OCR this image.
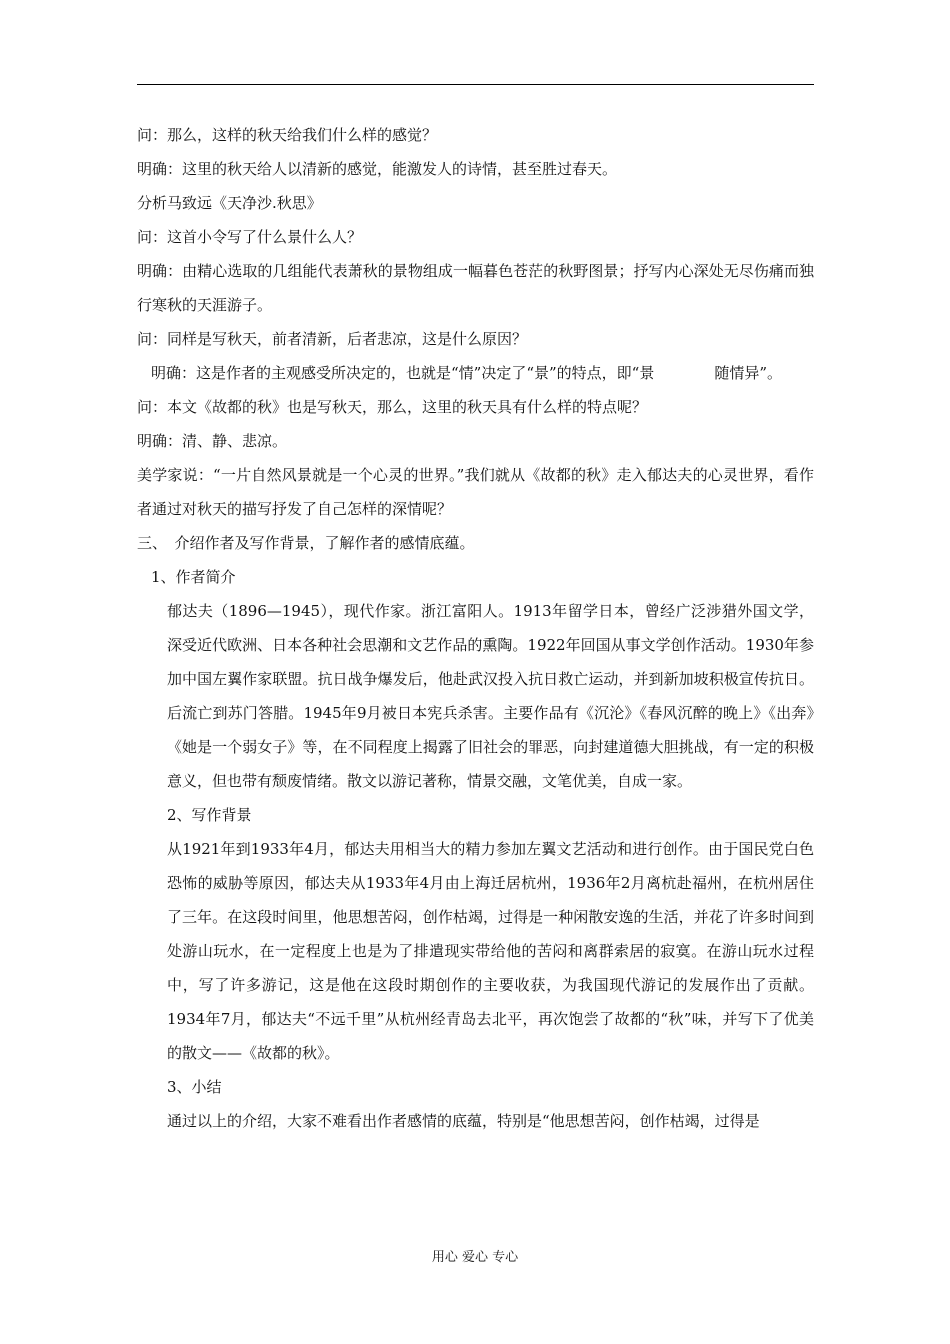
问：那么，这样的秋天给我们什么样的感觉？

明确：这里的秋天给人以清新的感觉，能激发人的诗情，甚至胜过春天。

分析马致远《天净沙.秋思》

问：这首小令写了什么景什么人？

明确：由精心选取的几组能代表萧秋的景物组成一幅暮色苍茫的秋野图景；抒写内心深处无尽伤痛而独行寒秋的天涯游子。

问：同样是写秋天，前者清新，后者悲凉，这是什么原因？

明确：这是作者的主观感受所决定的，也就是“情”决定了“景”的特点，即“景　　　　随情异”。

问：本文《故都的秋》也是写秋天，那么，这里的秋天具有什么样的特点呢？

明确：清、静、悲凉。

美学家说：“一片自然风景就是一个心灵的世界。”我们就从《故都的秋》走入郁达夫的心灵世界，看作者通过对秋天的描写抒发了自己怎样的深情呢？

三、　介绍作者及写作背景，了解作者的感情底蕴。

1、作者简介

郁达夫（1896—1945），现代作家。浙江富阳人。1913年留学日本，曾经广泛涉猎外国文学，深受近代欧洲、日本各种社会思潮和文艺作品的熏陶。1922年回国从事文学创作活动。1930年参加中国左翼作家联盟。抗日战争爆发后，他赴武汉投入抗日救亡运动，并到新加坡积极宣传抗日。后流亡到苏门答腊。1945年9月被日本宪兵杀害。主要作品有《沉沦》《春风沉醉的晚上》《出奔》《她是一个弱女子》等，在不同程度上揭露了旧社会的罪恶，向封建道德大胆挑战，有一定的积极意义，但也带有颓废情绪。散文以游记著称，情景交融，文笔优美，自成一家。

2、写作背景

从1921年到1933年4月，郁达夫用相当大的精力参加左翼文艺活动和进行创作。由于国民党白色恐怖的威胁等原因，郁达夫从1933年4月由上海迁居杭州，1936年2月离杭赴福州，在杭州居住了三年。在这段时间里，他思想苦闷，创作枯竭，过得是一种闲散安逸的生活，并花了许多时间到处游山玩水，在一定程度上也是为了排遣现实带给他的苦闷和离群索居的寂寞。在游山玩水过程中，写了许多游记，这是他在这段时期创作的主要收获，为我国现代游记的发展作出了贡献。1934年7月，郁达夫“不远千里”从杭州经青岛去北平，再次饱尝了故都的“秋”味，并写下了优美的散文——《故都的秋》。

3、小结

通过以上的介绍，大家不难看出作者感情的底蕴，特别是“他思想苦闷，创作枯竭，过得是

用心 爱心 专心
